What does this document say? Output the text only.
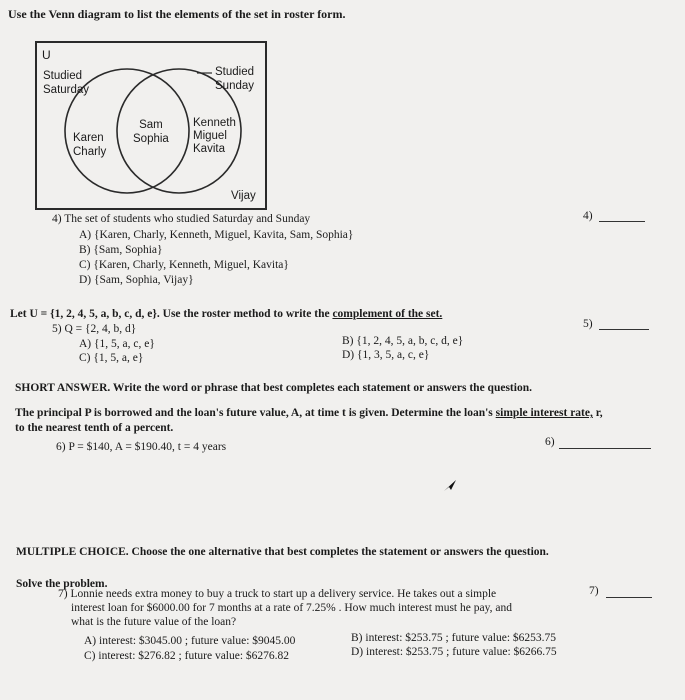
Use the Venn diagram to list the elements of the set in roster form.
U
Studied
Saturday
Studied
Sunday
Karen
Charly
Sam
Sophia
Kenneth
Miguel
Kavita
Vijay
4) The set of students who studied Saturday and Sunday
A) {Karen, Charly, Kenneth, Miguel, Kavita, Sam, Sophia}
B) {Sam, Sophia}
C) {Karen, Charly, Kenneth, Miguel, Kavita}
D) {Sam, Sophia, Vijay}
4)
Let U = {1, 2, 4, 5, a, b, c, d, e}. Use the roster method to write the complement of the set.
5) Q = {2, 4, b, d}
A) {1, 5, a, c, e}	B) {1, 2, 4, 5, a, b, c, d, e}
C) {1, 5, a, e}	D) {1, 3, 5, a, c, e}
5)
SHORT ANSWER. Write the word or phrase that best completes each statement or answers the question.
The principal P is borrowed and the loan's future value, A, at time t is given. Determine the loan's simple interest rate, r,
to the nearest tenth of a percent.
6) P = $140, A = $190.40, t = 4 years	6)
MULTIPLE CHOICE. Choose the one alternative that best completes the statement or answers the question.
Solve the problem.
7) Lonnie needs extra money to buy a truck to start up a delivery service. He takes out a simple
interest loan for $6000.00 for 7 months at a rate of 7.25% . How much interest must he pay, and
what is the future value of the loan?
A) interest: $3045.00 ; future value: $9045.00	B) interest: $253.75 ; future value: $6253.75
C) interest: $276.82 ; future value: $6276.82	D) interest: $253.75 ; future value: $6266.75
7)
